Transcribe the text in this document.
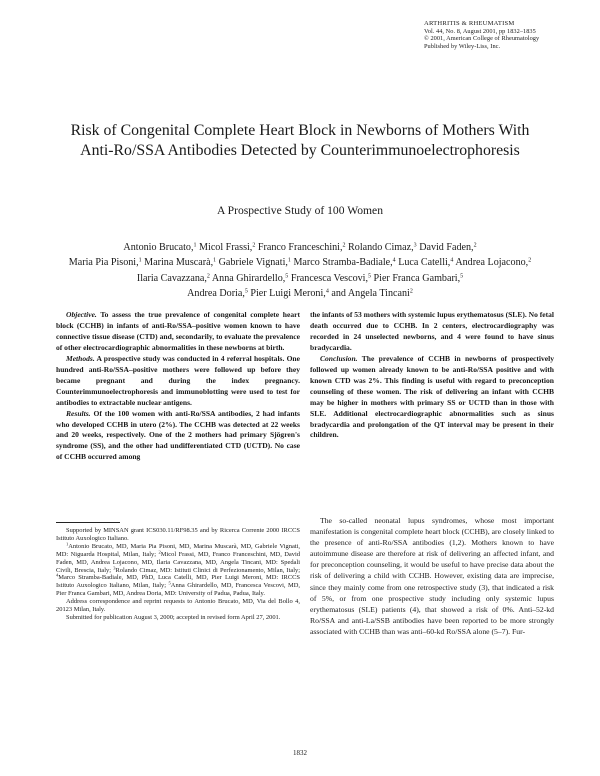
ARTHRITIS & RHEUMATISM
Vol. 44, No. 8, August 2001, pp 1832–1835
© 2001, American College of Rheumatology
Published by Wiley-Liss, Inc.
Risk of Congenital Complete Heart Block in Newborns of Mothers With Anti-Ro/SSA Antibodies Detected by Counterimmunoelectrophoresis
A Prospective Study of 100 Women
Antonio Brucato,$^1$ Micol Frassi,$^2$ Franco Franceschini,$^2$ Rolando Cimaz,$^3$ David Faden,$^2$
Maria Pia Pisoni,$^1$ Marina Muscarà,$^1$ Gabriele Vignati,$^1$ Marco Stramba-Badiale,$^4$ Luca Catelli,$^4$ Andrea Lojacono,$^2$
Ilaria Cavazzana,$^2$ Anna Ghirardello,$^5$ Francesca Vescovi,$^5$ Pier Franca Gambari,$^5$
Andrea Doria,$^5$ Pier Luigi Meroni,$^4$ and Angela Tincani$^2$

Objective. To assess the true prevalence of congenital complete heart block (CCHB) in infants of anti-Ro/SSA–positive women known to have connective tissue disease (CTD) and, secondarily, to evaluate the prevalence of other electrocardiographic abnormalities in these newborns at birth.

Methods. A prospective study was conducted in 4 referral hospitals. One hundred anti-Ro/SSA–positive mothers were followed up before they became pregnant and during the index pregnancy. Counterimmunoelectrophoresis and immunoblotting were used to test for antibodies to extractable nuclear antigens.

Results. Of the 100 women with anti-Ro/SSA antibodies, 2 had infants who developed CCHB in utero (2%). The CCHB was detected at 22 weeks and 20 weeks, respectively. One of the 2 mothers had primary Sjögren's syndrome (SS), and the other had undifferentiated CTD (UCTD). No case of CCHB occurred among

the infants of 53 mothers with systemic lupus erythematosus (SLE). No fetal death occurred due to CCHB. In 2 centers, electrocardiography was recorded in 24 unselected newborns, and 4 were found to have sinus bradycardia.

Conclusion. The prevalence of CCHB in newborns of prospectively followed up women already known to be anti-Ro/SSA positive and with known CTD was 2%. This finding is useful with regard to preconception counseling of these women. The risk of delivering an infant with CCHB may be higher in mothers with primary SS or UCTD than in those with SLE. Additional electrocardiographic abnormalities such as sinus bradycardia and prolongation of the QT interval may be present in their children.

Supported by MINSAN grant ICS030.11/RF98.35 and by Ricerca Corrente 2000 IRCCS Istituto Auxologico Italiano.

$^1$Antonio Brucato, MD, Maria Pia Pisoni, MD, Marina Muscarà, MD, Gabriele Vignati, MD: Niguarda Hospital, Milan, Italy; $^2$Micol Frassi, MD, Franco Franceschini, MD, David Faden, MD, Andrea Lojacono, MD, Ilaria Cavazzana, MD, Angela Tincani, MD: Spedali Civili, Brescia, Italy; $^3$Rolando Cimaz, MD: Istituti Clinici di Perfezionamento, Milan, Italy; $^4$Marco Stramba-Badiale, MD, PhD, Luca Catelli, MD, Pier Luigi Meroni, MD: IRCCS Istituto Auxologico Italiano, Milan, Italy; $^5$Anna Ghirardello, MD, Francesca Vescovi, MD, Pier Franca Gambari, MD, Andrea Doria, MD: University of Padua, Padua, Italy.

Address correspondence and reprint requests to Antonio Brucato, MD, Via del Bollo 4, 20123 Milan, Italy.

Submitted for publication August 3, 2000; accepted in revised form April 27, 2001.

The so-called neonatal lupus syndromes, whose most important manifestation is congenital complete heart block (CCHB), are closely linked to the presence of anti-Ro/SSA antibodies (1,2). Mothers known to have autoimmune disease are therefore at risk of delivering an affected infant, and for preconception counseling, it would be useful to have precise data about the risk of delivering a child with CCHB. However, existing data are imprecise, since they mainly come from one retrospective study (3), that indicated a risk of 5%, or from one prospective study including only systemic lupus erythematosus (SLE) patients (4), that showed a risk of 0%. Anti–52-kd Ro/SSA and anti-La/SSB antibodies have been reported to be more strongly associated with CCHB than was anti–60-kd Ro/SSA alone (5–7). Fur-

1832
